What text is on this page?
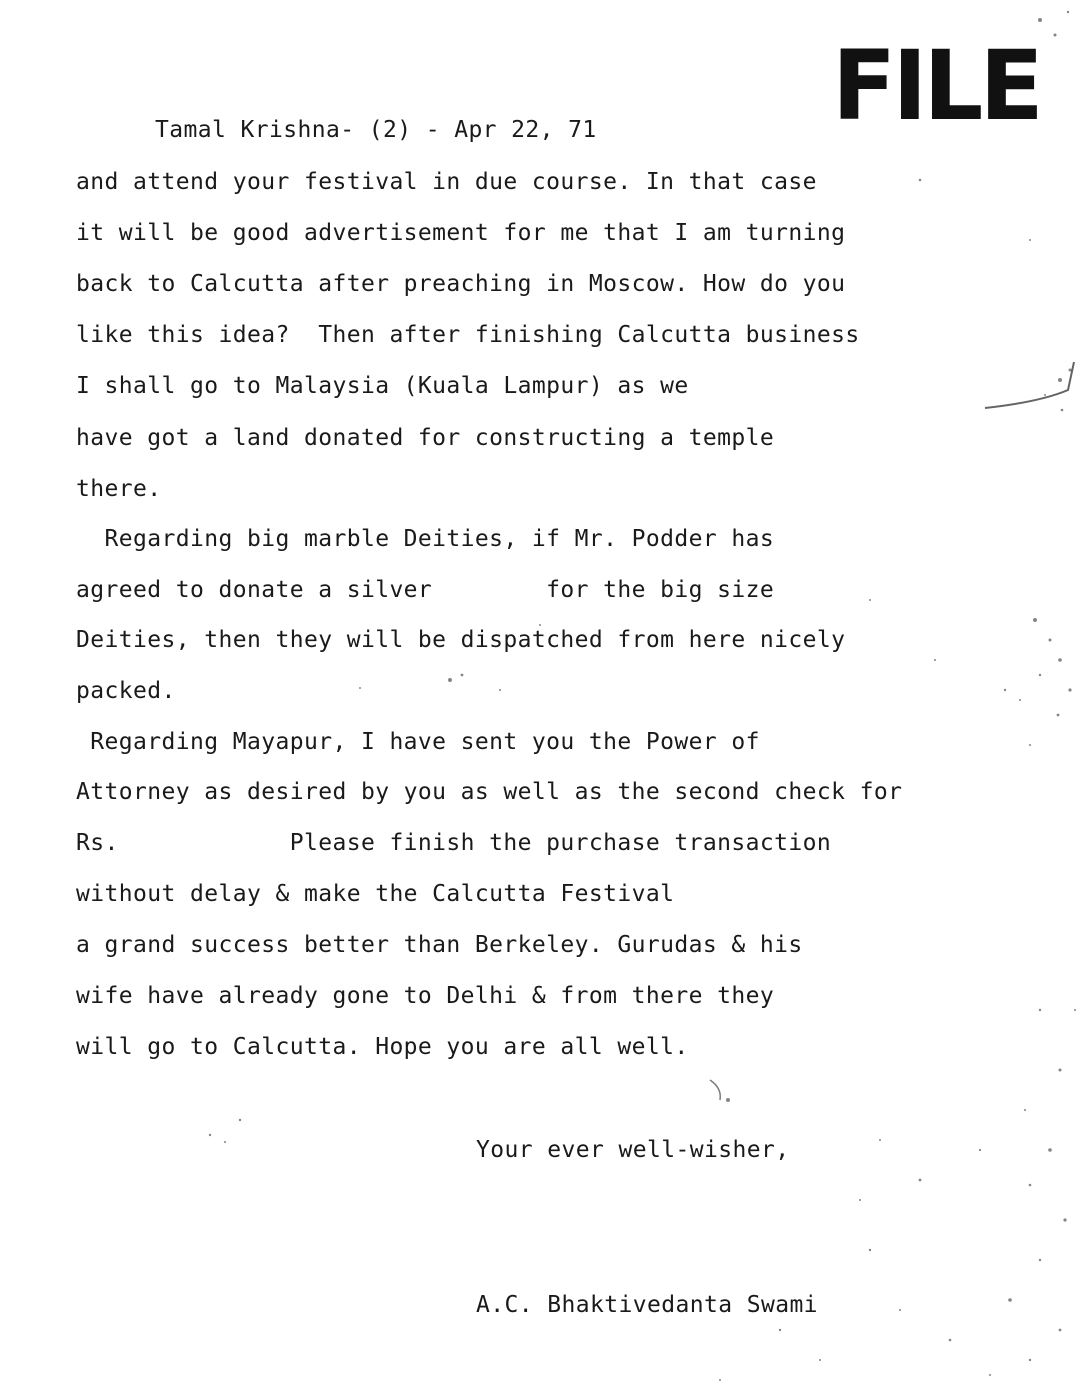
FILE
Tamal Krishna- (2) - Apr 22, 71
and attend your festival in due course. In that case
it will be good advertisement for me that I am turning
back to Calcutta after preaching in Moscow. How do you
like this idea?  Then after finishing Calcutta business
I shall go to Malaysia (Kuala Lampur) as we
have got a land donated for constructing a temple
there.
Regarding big marble Deities, if Mr. Podder has
agreed to donate a silver        for the big size
Deities, then they will be dispatched from here nicely
packed.
Regarding Mayapur, I have sent you the Power of
Attorney as desired by you as well as the second check for
Rs.            Please finish the purchase transaction
without delay & make the Calcutta Festival
a grand success better than Berkeley. Gurudas & his
wife have already gone to Delhi & from there they
will go to Calcutta. Hope you are all well.
Your ever well-wisher,
A.C. Bhaktivedanta Swami
